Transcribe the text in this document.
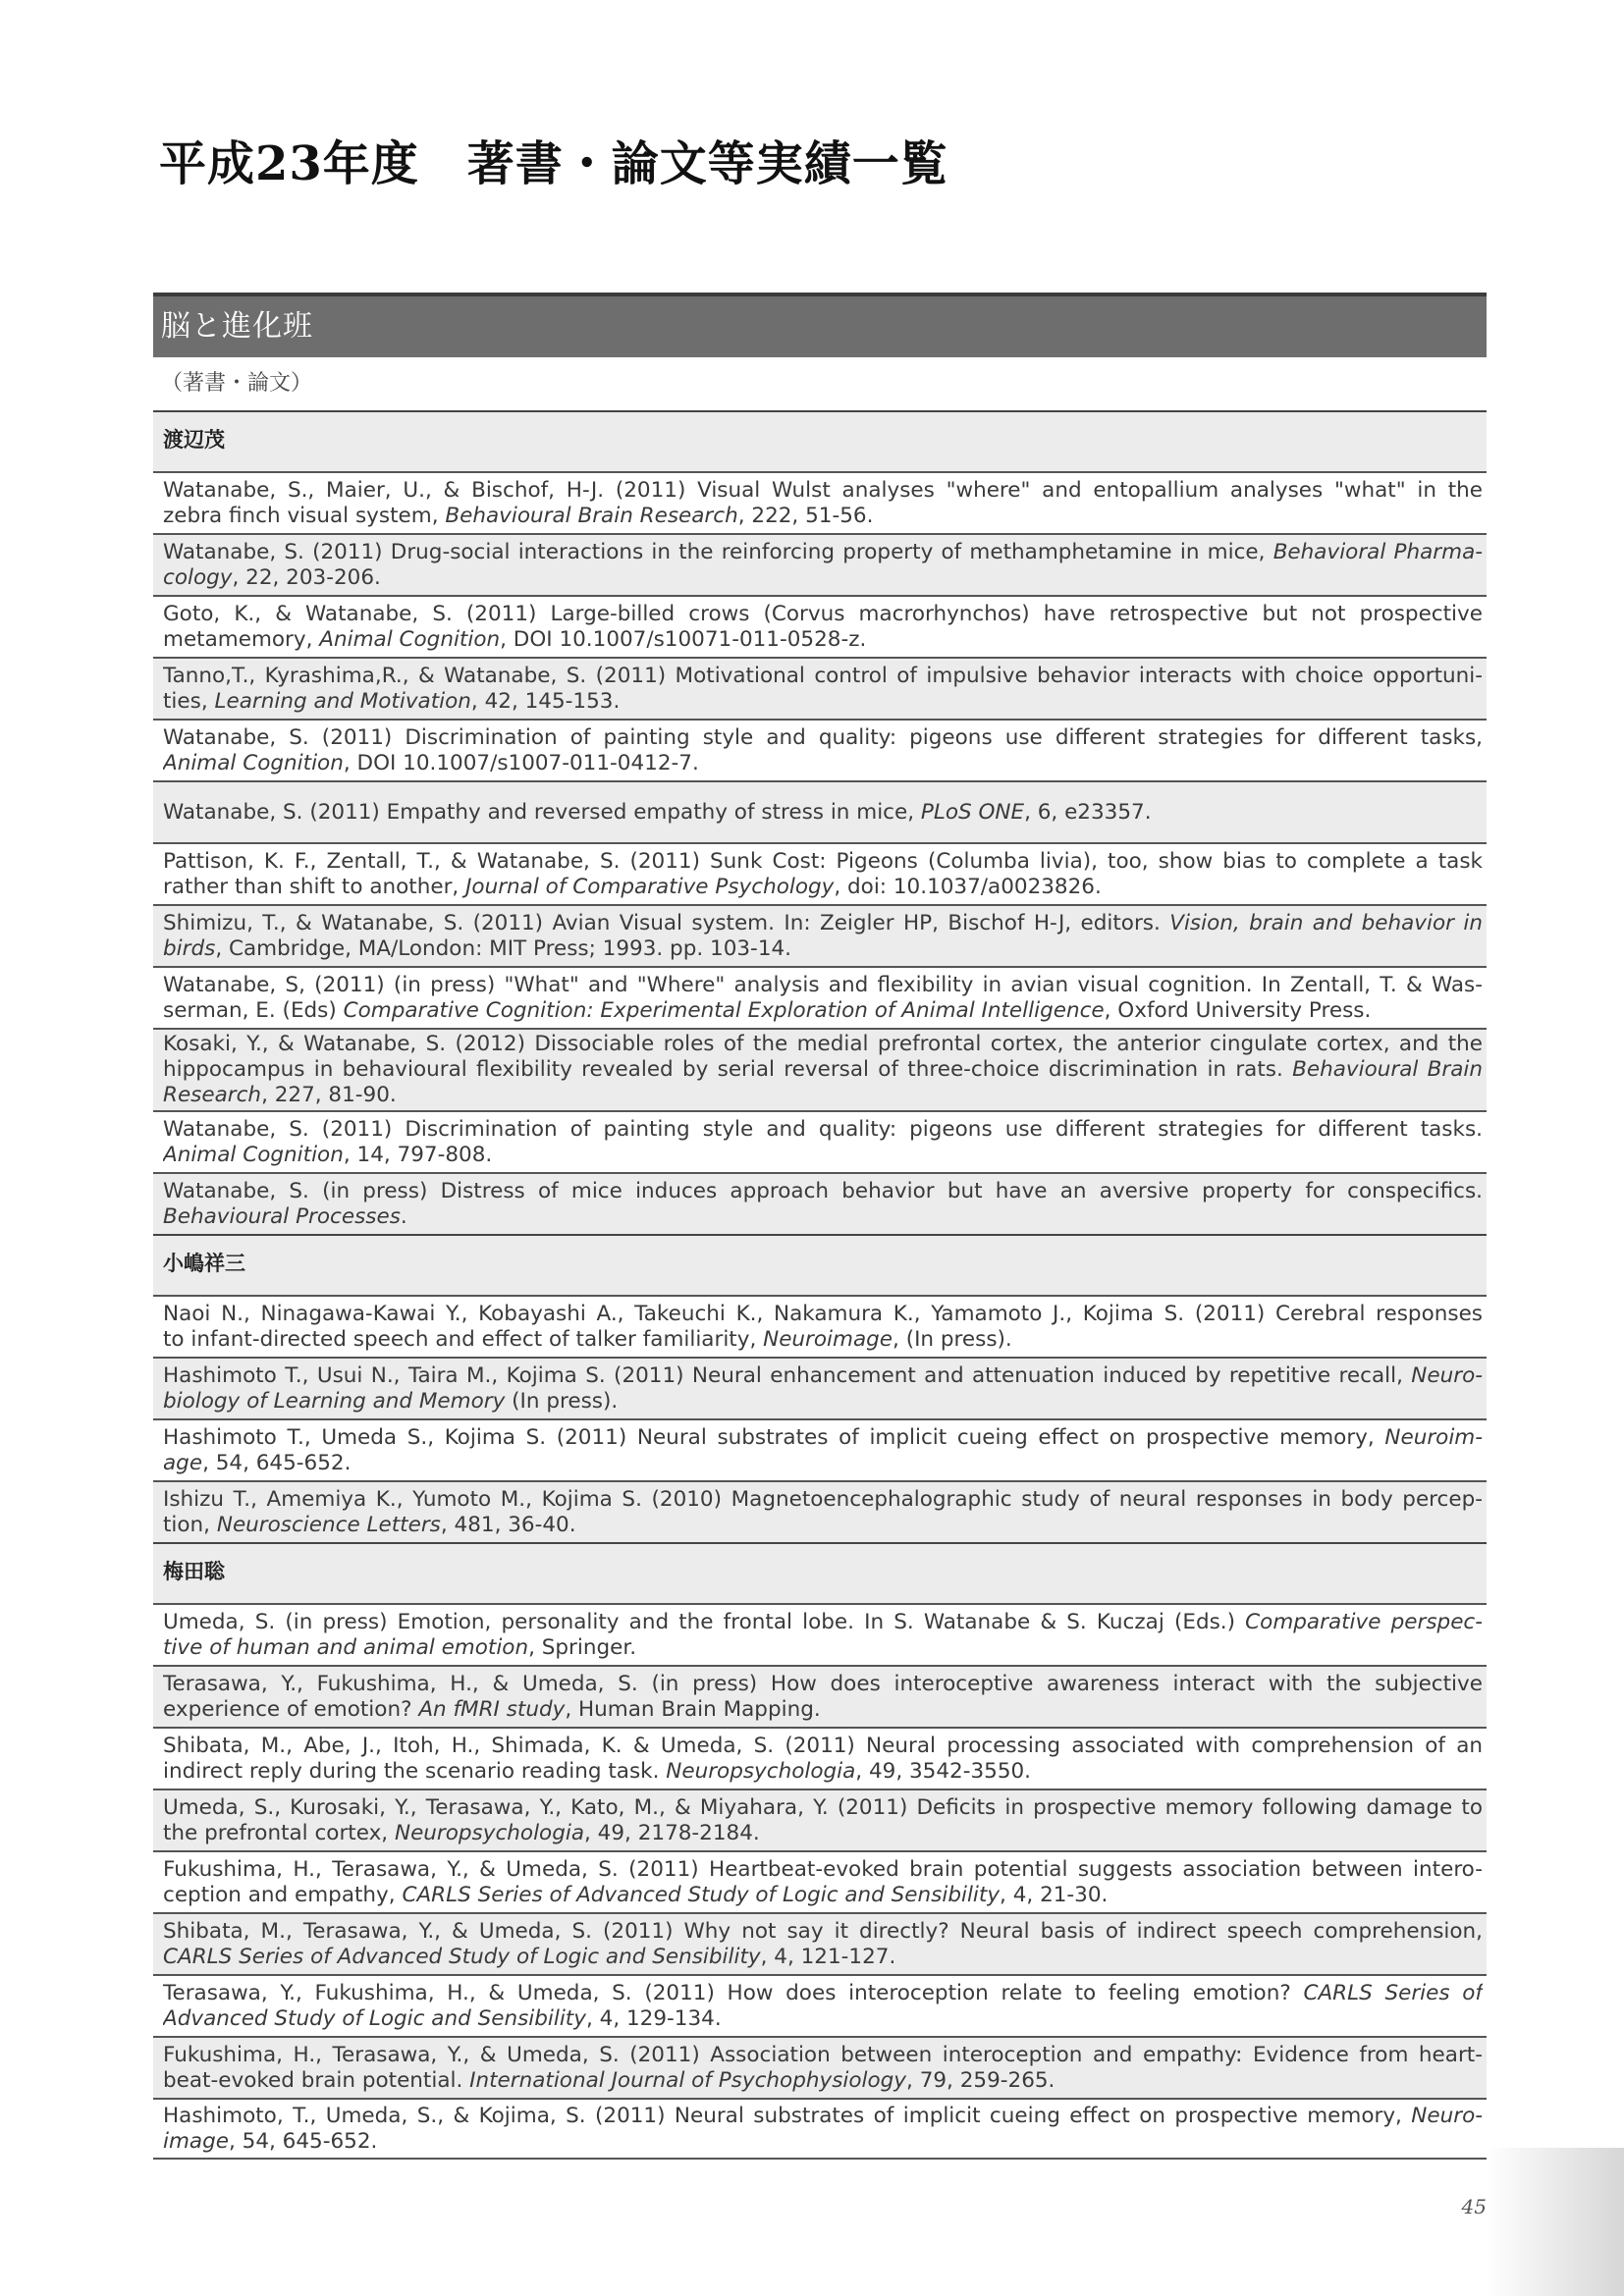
平成23年度　著書・論文等実績一覧
脳と進化班
（著書・論文）
渡辺茂
Watanabe, S., Maier, U., & Bischof, H-J. (2011) Visual Wulst analyses "where" and entopallium analyses "what" in the
zebra finch visual system, Behavioural Brain Research, 222, 51-56.
Watanabe, S. (2011) Drug-social interactions in the reinforcing property of methamphetamine in mice, Behavioral Pharma-
cology, 22, 203-206.
Goto, K., & Watanabe, S. (2011) Large-billed crows (Corvus macrorhynchos) have retrospective but not prospective
metamemory, Animal Cognition, DOI 10.1007/s10071-011-0528-z.
Tanno,T., Kyrashima,R., & Watanabe, S. (2011) Motivational control of impulsive behavior interacts with choice opportuni-
ties, Learning and Motivation, 42, 145-153.
Watanabe, S. (2011) Discrimination of painting style and quality: pigeons use different strategies for different tasks,
Animal Cognition, DOI 10.1007/s1007-011-0412-7.
Watanabe, S. (2011) Empathy and reversed empathy of stress in mice, PLoS ONE, 6, e23357.
Pattison, K. F., Zentall, T., & Watanabe, S. (2011) Sunk Cost: Pigeons (Columba livia), too, show bias to complete a task
rather than shift to another, Journal of Comparative Psychology, doi: 10.1037/a0023826.
Shimizu, T., & Watanabe, S. (2011) Avian Visual system. In: Zeigler HP, Bischof H-J, editors. Vision, brain and behavior in
birds, Cambridge, MA/London: MIT Press; 1993. pp. 103-14.
Watanabe, S, (2011) (in press) "What" and "Where" analysis and flexibility in avian visual cognition. In Zentall, T. & Was-
serman, E. (Eds) Comparative Cognition: Experimental Exploration of Animal Intelligence, Oxford University Press.
Kosaki, Y., & Watanabe, S. (2012) Dissociable roles of the medial prefrontal cortex, the anterior cingulate cortex, and the
hippocampus in behavioural flexibility revealed by serial reversal of three-choice discrimination in rats. Behavioural Brain
Research, 227, 81-90.
Watanabe, S. (2011) Discrimination of painting style and quality: pigeons use different strategies for different tasks.
Animal Cognition, 14, 797-808.
Watanabe, S. (in press) Distress of mice induces approach behavior but have an aversive property for conspecifics.
Behavioural Processes.
小嶋祥三
Naoi N., Ninagawa-Kawai Y., Kobayashi A., Takeuchi K., Nakamura K., Yamamoto J., Kojima S. (2011) Cerebral responses
to infant-directed speech and effect of talker familiarity, Neuroimage, (In press).
Hashimoto T., Usui N., Taira M., Kojima S. (2011) Neural enhancement and attenuation induced by repetitive recall, Neuro-
biology of Learning and Memory (In press).
Hashimoto T., Umeda S., Kojima S. (2011) Neural substrates of implicit cueing effect on prospective memory, Neuroim-
age, 54, 645-652.
Ishizu T., Amemiya K., Yumoto M., Kojima S. (2010) Magnetoencephalographic study of neural responses in body percep-
tion, Neuroscience Letters, 481, 36-40.
梅田聡
Umeda, S. (in press) Emotion, personality and the frontal lobe. In S. Watanabe & S. Kuczaj (Eds.) Comparative perspec-
tive of human and animal emotion, Springer.
Terasawa, Y., Fukushima, H., & Umeda, S. (in press) How does interoceptive awareness interact with the subjective
experience of emotion? An fMRI study, Human Brain Mapping.
Shibata, M., Abe, J., Itoh, H., Shimada, K. & Umeda, S. (2011) Neural processing associated with comprehension of an
indirect reply during the scenario reading task. Neuropsychologia, 49, 3542-3550.
Umeda, S., Kurosaki, Y., Terasawa, Y., Kato, M., & Miyahara, Y. (2011) Deficits in prospective memory following damage to
the prefrontal cortex, Neuropsychologia, 49, 2178-2184.
Fukushima, H., Terasawa, Y., & Umeda, S. (2011) Heartbeat-evoked brain potential suggests association between intero-
ception and empathy, CARLS Series of Advanced Study of Logic and Sensibility, 4, 21-30.
Shibata, M., Terasawa, Y., & Umeda, S. (2011) Why not say it directly? Neural basis of indirect speech comprehension,
CARLS Series of Advanced Study of Logic and Sensibility, 4, 121-127.
Terasawa, Y., Fukushima, H., & Umeda, S. (2011) How does interoception relate to feeling emotion? CARLS Series of
Advanced Study of Logic and Sensibility, 4, 129-134.
Fukushima, H., Terasawa, Y., & Umeda, S. (2011) Association between interoception and empathy: Evidence from heart-
beat-evoked brain potential. International Journal of Psychophysiology, 79, 259-265.
Hashimoto, T., Umeda, S., & Kojima, S. (2011) Neural substrates of implicit cueing effect on prospective memory, Neuro-
image, 54, 645-652.
45
